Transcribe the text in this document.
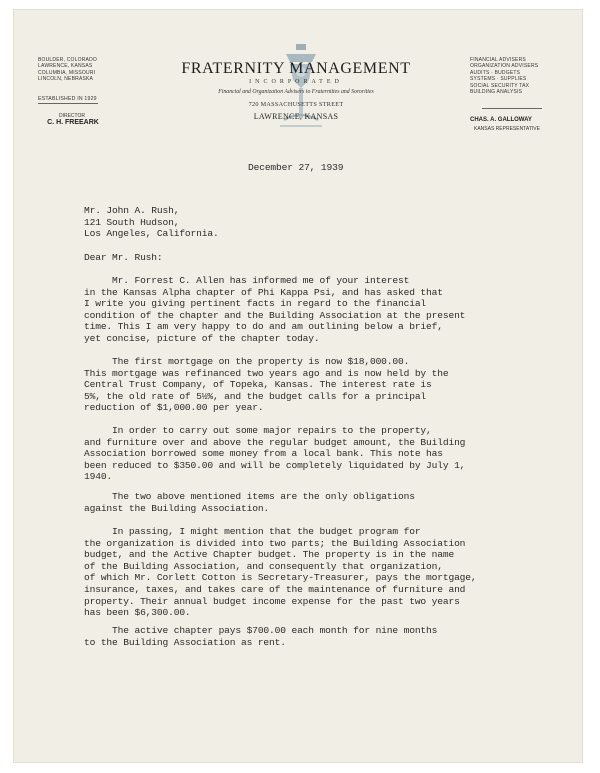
BOULDER, COLORADO
LAWRENCE, KANSAS
COLUMBIA, MISSOURI
LINCOLN, NEBRASKA
ESTABLISHED IN 1929
DIRECTOR
C. H. FREEARK
FRATERNITY MANAGEMENT
INCORPORATED
Financial and Organization Advisers to Fraternities and Sororities
720 MASSACHUSETTS STREET
LAWRENCE, KANSAS
FINANCIAL ADVISERS
ORGANIZATION ADVISERS
AUDITS · BUDGETS
SYSTEMS · SUPPLIES
SOCIAL SECURITY TAX
BUILDING ANALYSIS
CHAS. A. GALLOWAY
KANSAS REPRESENTATIVE
December 27, 1939
Mr. John A. Rush,
121 South Hudson,
Los Angeles, California.
Dear Mr. Rush:
Mr. Forrest C. Allen has informed me of your interest
in the Kansas Alpha chapter of Phi Kappa Psi, and has asked that
I write you giving pertinent facts in regard to the financial
condition of the chapter and the Building Association at the present
time. This I am very happy to do and am outlining below a brief,
yet concise, picture of the chapter today.
The first mortgage on the property is now $18,000.00.
This mortgage was refinanced two years ago and is now held by the
Central Trust Company, of Topeka, Kansas. The interest rate is
5%, the old rate of 5½%, and the budget calls for a principal
reduction of $1,000.00 per year.
In order to carry out some major repairs to the property,
and furniture over and above the regular budget amount, the Building
Association borrowed some money from a local bank. This note has
been reduced to $350.00 and will be completely liquidated by July 1,
1940.
The two above mentioned items are the only obligations
against the Building Association.
In passing, I might mention that the budget program for
the organization is divided into two parts; the Building Association
budget, and the Active Chapter budget. The property is in the name
of the Building Association, and consequently that organization,
of which Mr. Corlett Cotton is Secretary-Treasurer, pays the mortgage,
insurance, taxes, and takes care of the maintenance of furniture and
property. Their annual budget income expense for the past two years
has been $6,300.00.
The active chapter pays $700.00 each month for nine months
to the Building Association as rent.
